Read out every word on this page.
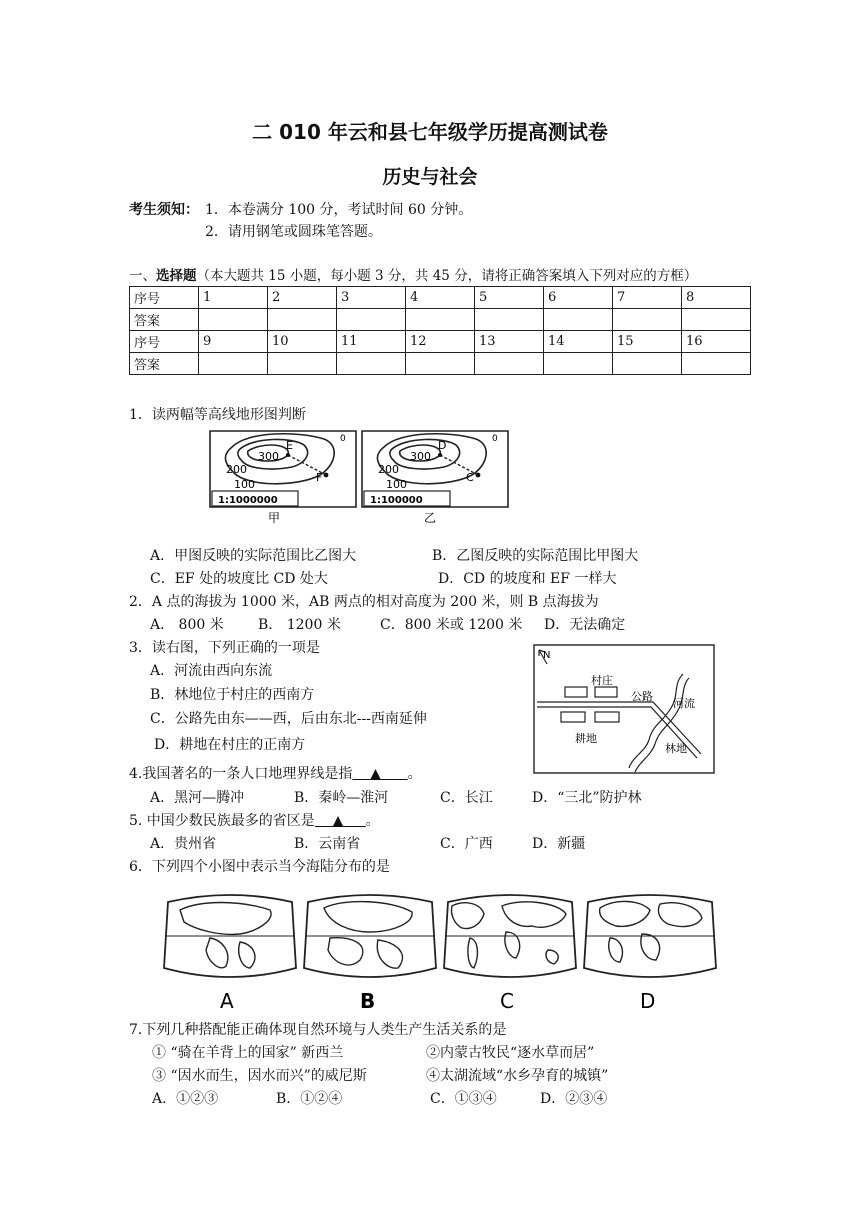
二 010 年云和县七年级学历提高测试卷
历史与社会
考生须知： 1．本卷满分 100 分，考试时间 60 分钟。
2．请用钢笔或圆珠笔答题。
一、选择题（本大题共 15 小题，每小题 3 分，共 45 分，请将正确答案填入下列对应的方框）
序号	1	2	3	4	5	6	7	8
答案								
序号	9	10	11	12	13	14	15	16
答案								
1．读两幅等高线地形图判断
300
200
100
E
F
1:1000000
0
甲
300
200
100
D
C
1:100000
0
乙
A．甲图反映的实际范围比乙图大	B．乙图反映的实际范围比甲图大
C．EF 处的坡度比 CD 处大	D．CD 的坡度和 EF 一样大
2．A 点的海拔为 1000 米，AB 两点的相对高度为 200 米，则 B 点海拔为
A． 800 米 B． 1200 米	C．800 米或 1200 米 D．无法确定
3．读右图，下列正确的一项是
A．河流由西向东流
B．林地位于村庄的西南方
C．公路先由东——西，后由东北---西南延伸
D．耕地在村庄的正南方
N
村庄
公路
河流
耕地
林地
4.我国著名的一条人口地理界线是指 ▲ 。
A．黑河—腾冲	B．秦岭—淮河	C．长江	D．“三北”防护林
5. 中国少数民族最多的省区是 ▲ 。
A．贵州省	B．云南省	C．广西	D．新疆
6．下列四个小图中表示当今海陆分布的是
A	B	C	D
7.下列几种搭配能正确体现自然环境与人类生产生活关系的是
① “骑在羊背上的国家” 新西兰	②内蒙古牧民“逐水草而居”
③ “因水而生，因水而兴”的威尼斯	④太湖流域“水乡孕育的城镇”
A．①②③	B．①②④	C．①③④	D．②③④
